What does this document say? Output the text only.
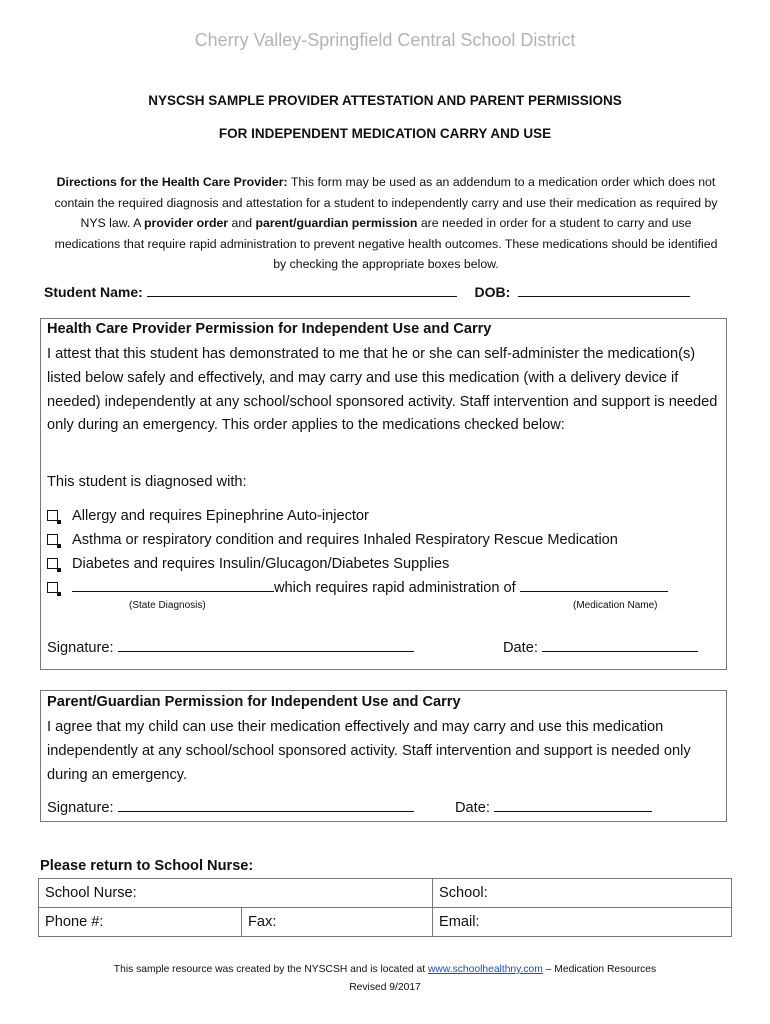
Cherry Valley-Springfield Central School District
NYSCSH SAMPLE PROVIDER ATTESTATION AND PARENT PERMISSIONS
FOR INDEPENDENT MEDICATION CARRY AND USE
Directions for the Health Care Provider: This form may be used as an addendum to a medication order which does not contain the required diagnosis and attestation for a student to independently carry and use their medication as required by NYS law. A provider order and parent/guardian permission are needed in order for a student to carry and use medications that require rapid administration to prevent negative health outcomes. These medications should be identified by checking the appropriate boxes below.
Student Name:	DOB:
Health Care Provider Permission for Independent Use and Carry
I attest that this student has demonstrated to me that he or she can self-administer the medication(s) listed below safely and effectively, and may carry and use this medication (with a delivery device if needed) independently at any school/school sponsored activity. Staff intervention and support is needed only during an emergency. This order applies to the medications checked below:
This student is diagnosed with:
Allergy and requires Epinephrine Auto-injector
Asthma or respiratory condition and requires Inhaled Respiratory Rescue Medication
Diabetes and requires Insulin/Glucagon/Diabetes Supplies
which requires rapid administration of
(State Diagnosis)	(Medication Name)
Signature:	Date:
Parent/Guardian Permission for Independent Use and Carry
I agree that my child can use their medication effectively and may carry and use this medication independently at any school/school sponsored activity. Staff intervention and support is needed only during an emergency.
Signature:	Date:
Please return to School Nurse:
School Nurse:		School:
Phone #:	Fax:	Email:
This sample resource was created by the NYSCSH and is located at www.schoolhealthny.com – Medication Resources
Revised 9/2017
